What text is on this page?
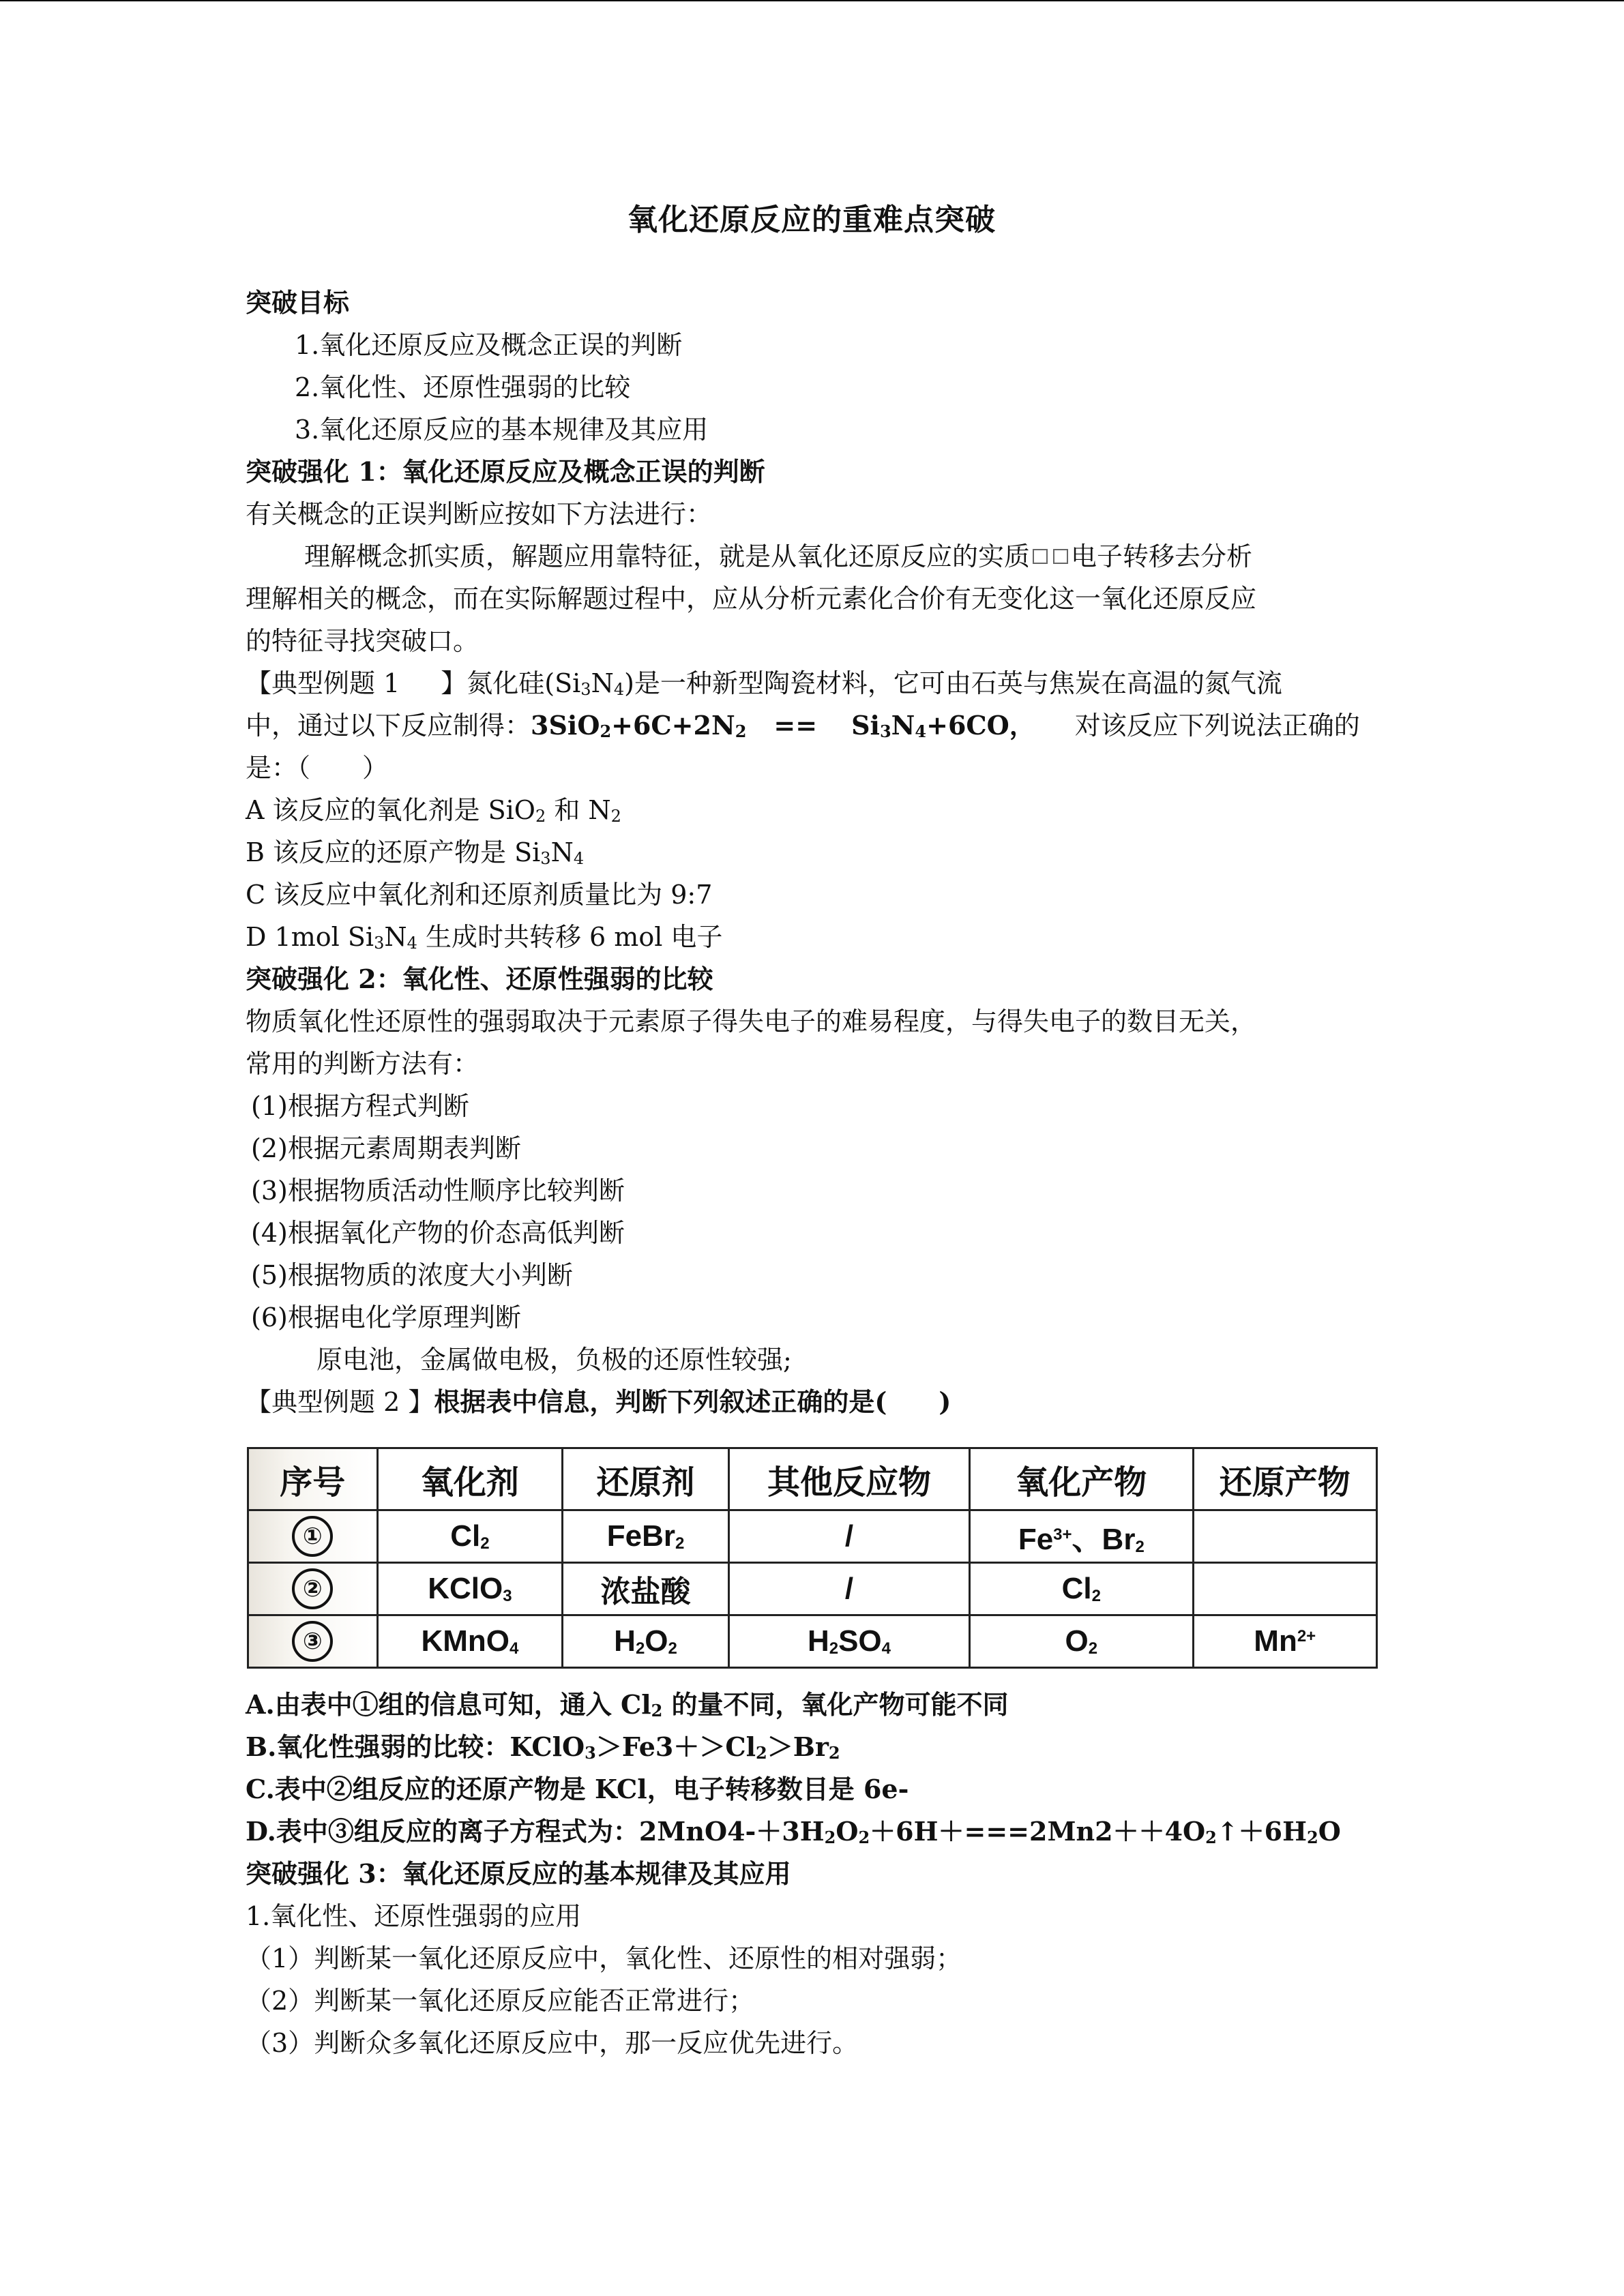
氧化还原反应的重难点突破
突破目标
1.氧化还原反应及概念正误的判断
2.氧化性、还原性强弱的比较
3.氧化还原反应的基本规律及其应用
突破强化 1：氧化还原反应及概念正误的判断
有关概念的正误判断应按如下方法进行：
理解概念抓实质，解题应用靠特征，就是从氧化还原反应的实质 电子转移去分析
理解相关的概念，而在实际解题过程中，应从分析元素化合价有无变化这一氧化还原反应
的特征寻找突破口。
【典型例题 1 】氮化硅$(Si_3N_4)$是一种新型陶瓷材料，它可由石英与焦炭在高温的氮气流
中，通过以下反应制得：$3SiO_2+6C+2N_2 == Si_3N_4+6CO$， 对该反应下列说法正确的
是：（　　）
A 该反应的氧化剂是 SiO$_2$ 和 $N_2$
B 该反应的还原产物是 $Si_3N_4$
C 该反应中氧化剂和还原剂质量比为 9:7
D 1mol $Si_3N_4$ 生成时共转移 6 mol 电子
突破强化 2：氧化性、还原性强弱的比较
物质氧化性还原性的强弱取决于元素原子得失电子的难易程度，与得失电子的数目无关，
常用的判断方法有：
(1)根据方程式判断
(2)根据元素周期表判断
(3)根据物质活动性顺序比较判断
(4)根据氧化产物的价态高低判断
(5)根据物质的浓度大小判断
(6)根据电化学原理判断
原电池，金属做电极，负极的还原性较强;
【典型例题 2 】根据表中信息，判断下列叙述正确的是(　　)
序号	氧化剂	还原剂	其他反应物	氧化产物	还原产物
①	$Cl_2$	FeBr$_2$	/	$Fe^{3+}$、$Br_2$	
②	KClO$_3$	浓盐酸	/	$Cl_2$	
③	KMnO$_4$	$H_2O_2$	$H_2SO_4$	$O_2$	$Mn^{2+}$
A.由表中①组的信息可知，通入 $Cl_2$ 的量不同，氧化产物可能不同
B.氧化性强弱的比较：$KClO_3>Fe3+>Cl_2>Br_2$
C.表中②组反应的还原产物是 KCl，电子转移数目是 6e-
D.表中③组反应的离子方程式为：$2MnO4-+3H_2O_2+6H+===2Mn2++4O_2↑+6H_2O$
突破强化 3：氧化还原反应的基本规律及其应用
1.氧化性、还原性强弱的应用
（1）判断某一氧化还原反应中，氧化性、还原性的相对强弱；
（2）判断某一氧化还原反应能否正常进行；
（3）判断众多氧化还原反应中，那一反应优先进行。
